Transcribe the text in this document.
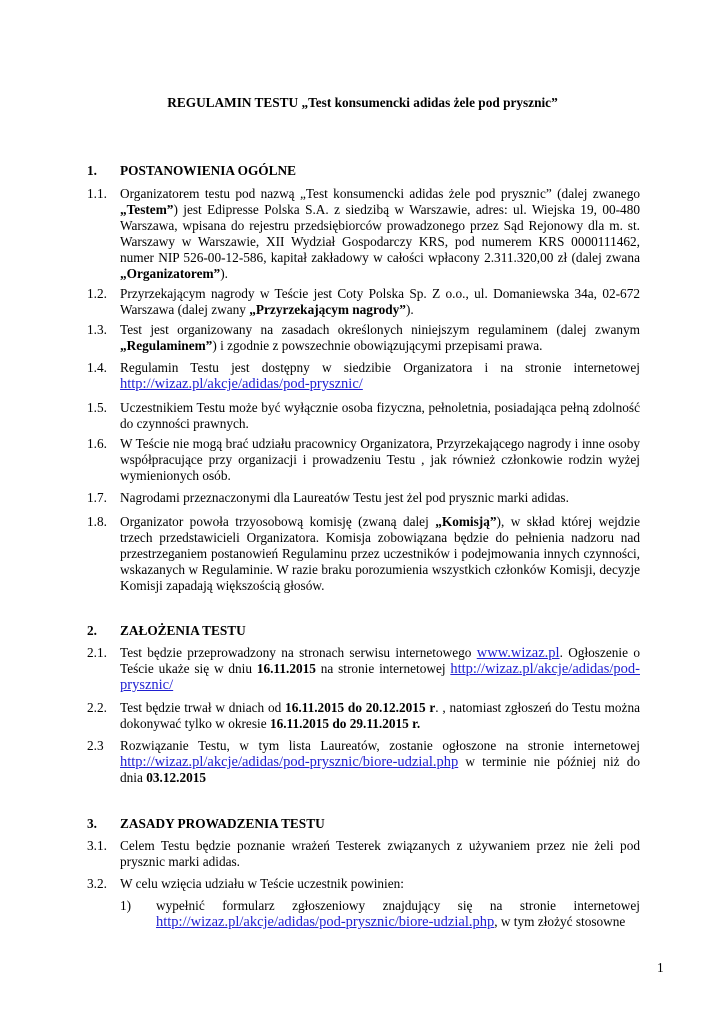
REGULAMIN TESTU „Test konsumencki adidas żele pod prysznic”
1. POSTANOWIENIA OGÓLNE
1.1. Organizatorem testu pod nazwą „Test konsumencki adidas żele pod prysznic” (dalej zwanego „Testem”) jest Edipresse Polska S.A. z siedzibą w Warszawie, adres: ul. Wiejska 19, 00-480 Warszawa, wpisana do rejestru przedsiębiorców prowadzonego przez Sąd Rejonowy dla m. st. Warszawy w Warszawie, XII Wydział Gospodarczy KRS, pod numerem KRS 0000111462, numer NIP 526-00-12-586, kapitał zakładowy w całości wpłacony 2.311.320,00 zł (dalej zwana „Organizatorem”).
1.2. Przyrzekającym nagrody w Teście jest Coty Polska Sp. Z o.o., ul. Domaniewska 34a, 02-672 Warszawa (dalej zwany „Przyrzekającym nagrody”).
1.3. Test jest organizowany na zasadach określonych niniejszym regulaminem (dalej zwanym „Regulaminem”) i zgodnie z powszechnie obowiązującymi przepisami prawa.
1.4. Regulamin Testu jest dostępny w siedzibie Organizatora i na stronie internetowej http://wizaz.pl/akcje/adidas/pod-prysznic/
1.5. Uczestnikiem Testu może być wyłącznie osoba fizyczna, pełnoletnia, posiadająca pełną zdolność do czynności prawnych.
1.6. W Teście nie mogą brać udziału pracownicy Organizatora, Przyrzekającego nagrody i inne osoby współpracujące przy organizacji i prowadzeniu Testu , jak również członkowie rodzin wyżej wymienionych osób.
1.7. Nagrodami przeznaczonymi dla Laureatów Testu jest żel pod prysznic marki adidas.
1.8. Organizator powoła trzyosobową komisję (zwaną dalej „Komisją”), w skład której wejdzie trzech przedstawicieli Organizatora. Komisja zobowiązana będzie do pełnienia nadzoru nad przestrzeganiem postanowień Regulaminu przez uczestników i podejmowania innych czynności, wskazanych w Regulaminie. W razie braku porozumienia wszystkich członków Komisji, decyzje Komisji zapadają większością głosów.
2. ZAŁOŻENIA TESTU
2.1. Test będzie przeprowadzony na stronach serwisu internetowego www.wizaz.pl. Ogłoszenie o Teście ukaże się w dniu 16.11.2015 na stronie internetowej http://wizaz.pl/akcje/adidas/pod-prysznic/
2.2. Test będzie trwał w dniach od 16.11.2015 do 20.12.2015 r. , natomiast zgłoszeń do Testu można dokonywać tylko w okresie 16.11.2015 do 29.11.2015 r.
2.3	Rozwiązanie Testu, w tym lista Laureatów, zostanie ogłoszone na stronie internetowej http://wizaz.pl/akcje/adidas/pod-prysznic/biore-udzial.php w terminie nie później niż do dnia 03.12.2015
3. ZASADY PROWADZENIA TESTU
3.1. Celem Testu będzie poznanie wrażeń Testerek związanych z używaniem przez nie żeli pod prysznic marki adidas.
3.2. W celu wzięcia udziału w Teście uczestnik powinien:
1)	wypełnić formularz zgłoszeniowy znajdujący się na stronie internetowej http://wizaz.pl/akcje/adidas/pod-prysznic/biore-udzial.php, w tym złożyć stosowne
1
